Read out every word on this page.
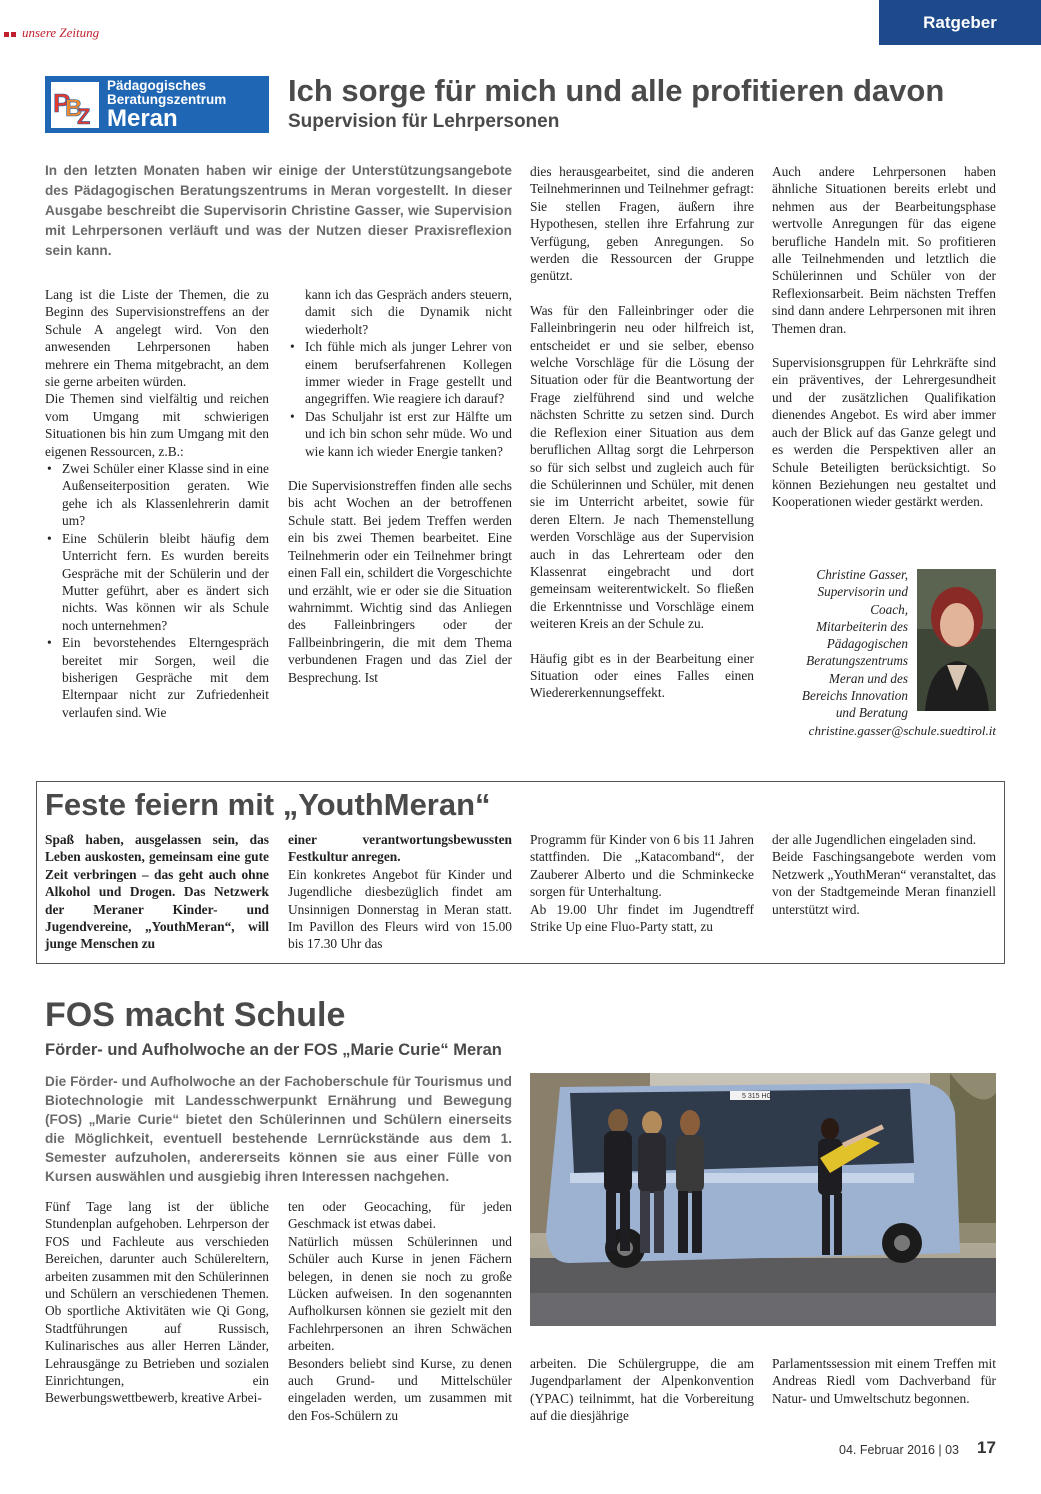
unsere Zeitung
Ratgeber
P
B
Z
Pädagogisches
Beratungszentrum
Meran
Ich sorge für mich und alle profitieren davon
Supervision für Lehrpersonen
In den letzten Monaten haben wir einige der Unterstützungsangebote des Pädagogischen Beratungszentrums in Meran vorgestellt. In dieser Ausgabe beschreibt die Supervisorin Christine Gasser, wie Supervision mit Lehrpersonen verläuft und was der Nutzen dieser Praxisreflexion sein kann.

Lang ist die Liste der Themen, die zu Beginn des Supervisionstreffens an der Schule A angelegt wird. Von den anwesenden Lehrpersonen haben mehrere ein Thema mitgebracht, an dem sie gerne arbeiten würden.

Die Themen sind vielfältig und reichen vom Umgang mit schwierigen Situationen bis hin zum Umgang mit den eigenen Ressourcen, z.B.:

• Zwei Schüler einer Klasse sind in eine Außenseiterposition geraten. Wie gehe ich als Klassenlehrerin damit um?
• Eine Schülerin bleibt häufig dem Unterricht fern. Es wurden bereits Gespräche mit der Schülerin und der Mutter geführt, aber es ändert sich nichts. Was können wir als Schule noch unternehmen?
• Ein bevorstehendes Elterngespräch bereitet mir Sorgen, weil die bisherigen Gespräche mit dem Elternpaar nicht zur Zufriedenheit verlaufen sind. Wie
kann ich das Gespräch anders steuern, damit sich die Dynamik nicht wiederholt?
• Ich fühle mich als junger Lehrer von einem berufserfahrenen Kollegen immer wieder in Frage gestellt und angegriffen. Wie reagiere ich darauf?
• Das Schuljahr ist erst zur Hälfte um und ich bin schon sehr müde. Wo und wie kann ich wieder Energie tanken?

Die Supervisionstreffen finden alle sechs bis acht Wochen an der betroffenen Schule statt. Bei jedem Treffen werden ein bis zwei Themen bearbeitet. Eine Teilnehmerin oder ein Teilnehmer bringt einen Fall ein, schildert die Vorgeschichte und erzählt, wie er oder sie die Situation wahrnimmt. Wichtig sind das Anliegen des Falleinbringers oder der Fallbeinbringerin, die mit dem Thema verbundenen Fragen und das Ziel der Besprechung. Ist

dies herausgearbeitet, sind die anderen Teilnehmerinnen und Teilnehmer gefragt: Sie stellen Fragen, äußern ihre Hypothesen, stellen ihre Erfahrung zur Verfügung, geben Anregungen. So werden die Ressourcen der Gruppe genützt.

Was für den Falleinbringer oder die Falleinbringerin neu oder hilfreich ist, entscheidet er und sie selber, ebenso welche Vorschläge für die Lösung der Situation oder für die Beantwortung der Frage zielführend sind und welche nächsten Schritte zu setzen sind. Durch die Reflexion einer Situation aus dem beruflichen Alltag sorgt die Lehrperson so für sich selbst und zugleich auch für die Schülerinnen und Schüler, mit denen sie im Unterricht arbeitet, sowie für deren Eltern. Je nach Themenstellung werden Vorschläge aus der Supervision auch in das Lehrerteam oder den Klassenrat eingebracht und dort gemeinsam weiterentwickelt. So fließen die Erkenntnisse und Vorschläge einem weiteren Kreis an der Schule zu.

Häufig gibt es in der Bearbeitung einer Situation oder eines Falles einen Wiedererkennungseffekt.

Auch andere Lehrpersonen haben ähnliche Situationen bereits erlebt und nehmen aus der Bearbeitungsphase wertvolle Anregungen für das eigene berufliche Handeln mit. So profitieren alle Teilnehmenden und letztlich die Schülerinnen und Schüler von der Reflexionsarbeit. Beim nächsten Treffen sind dann andere Lehrpersonen mit ihren Themen dran.

Supervisionsgruppen für Lehrkräfte sind ein präventives, der Lehrergesundheit und der zusätzlichen Qualifikation dienendes Angebot. Es wird aber immer auch der Blick auf das Ganze gelegt und es werden die Perspektiven aller an Schule Beteiligten berücksichtigt. So können Beziehungen neu gestaltet und Kooperationen wieder gestärkt werden.

Christine Gasser,
Supervisorin und
Coach,
Mitarbeiterin des
Pädagogischen
Beratungszentrums
Meran und des
Bereichs Innovation
und Beratung
christine.gasser@schule.suedtirol.it
Feste feiern mit „YouthMeran“
Spaß haben, ausgelassen sein, das Leben auskosten, gemeinsam eine gute Zeit verbringen – das geht auch ohne Alkohol und Drogen. Das Netzwerk der Meraner Kinder- und Jugendvereine, „YouthMeran“, will junge Menschen zu

einer verantwortungsbewussten Festkultur anregen.

Ein konkretes Angebot für Kinder und Jugendliche diesbezüglich findet am Unsinnigen Donnerstag in Meran statt. Im Pavillon des Fleurs wird von 15.00 bis 17.30 Uhr das

Programm für Kinder von 6 bis 11 Jahren stattfinden. Die „Katacomband“, der Zauberer Alberto und die Schminkecke sorgen für Unterhaltung.

Ab 19.00 Uhr findet im Jugendtreff Strike Up eine Fluo-Party statt, zu

der alle Jugendlichen eingeladen sind.

Beide Faschingsangebote werden vom Netzwerk „YouthMeran“ veranstaltet, das von der Stadtgemeinde Meran finanziell unterstützt wird.

FOS macht Schule
Förder- und Aufholwoche an der FOS „Marie Curie“ Meran
Die Förder- und Aufholwoche an der Fachoberschule für Tourismus und Biotechnologie mit Landesschwerpunkt Ernährung und Bewegung (FOS) „Marie Curie“ bietet den Schülerinnen und Schülern einerseits die Möglichkeit, eventuell bestehende Lernrückstände aus dem 1. Semester aufzuholen, andererseits können sie aus einer Fülle von Kursen auswählen und ausgiebig ihren Interessen nachgehen.
Fünf Tage lang ist der übliche Stundenplan aufgehoben. Lehrperson der FOS und Fachleute aus verschieden Bereichen, darunter auch Schülereltern, arbeiten zusammen mit den Schülerinnen und Schülern an verschiedenen Themen. Ob sportliche Aktivitäten wie Qi Gong, Stadtführungen auf Russisch, Kulinarisches aus aller Herren Länder, Lehrausgänge zu Betrieben und sozialen Einrichtungen, ein Bewerbungswettbewerb, kreative Arbei-

ten oder Geocaching, für jeden Geschmack ist etwas dabei.

Natürlich müssen Schülerinnen und Schüler auch Kurse in jenen Fächern belegen, in denen sie noch zu große Lücken aufweisen. In den sogenannten Aufholkursen können sie gezielt mit den Fachlehrpersonen an ihren Schwächen arbeiten.

Besonders beliebt sind Kurse, zu denen auch Grund- und Mittelschüler eingeladen werden, um zusammen mit den Fos-Schülern zu

5 315 HG
arbeiten. Die Schülergruppe, die am Jugendparlament der Alpenkonvention (YPAC) teilnimmt, hat die Vorbereitung auf die diesjährige
Parlamentssession mit einem Treffen mit Andreas Riedl vom Dachverband für Natur- und Umweltschutz begonnen.
04. Februar 2016 | 03 17
